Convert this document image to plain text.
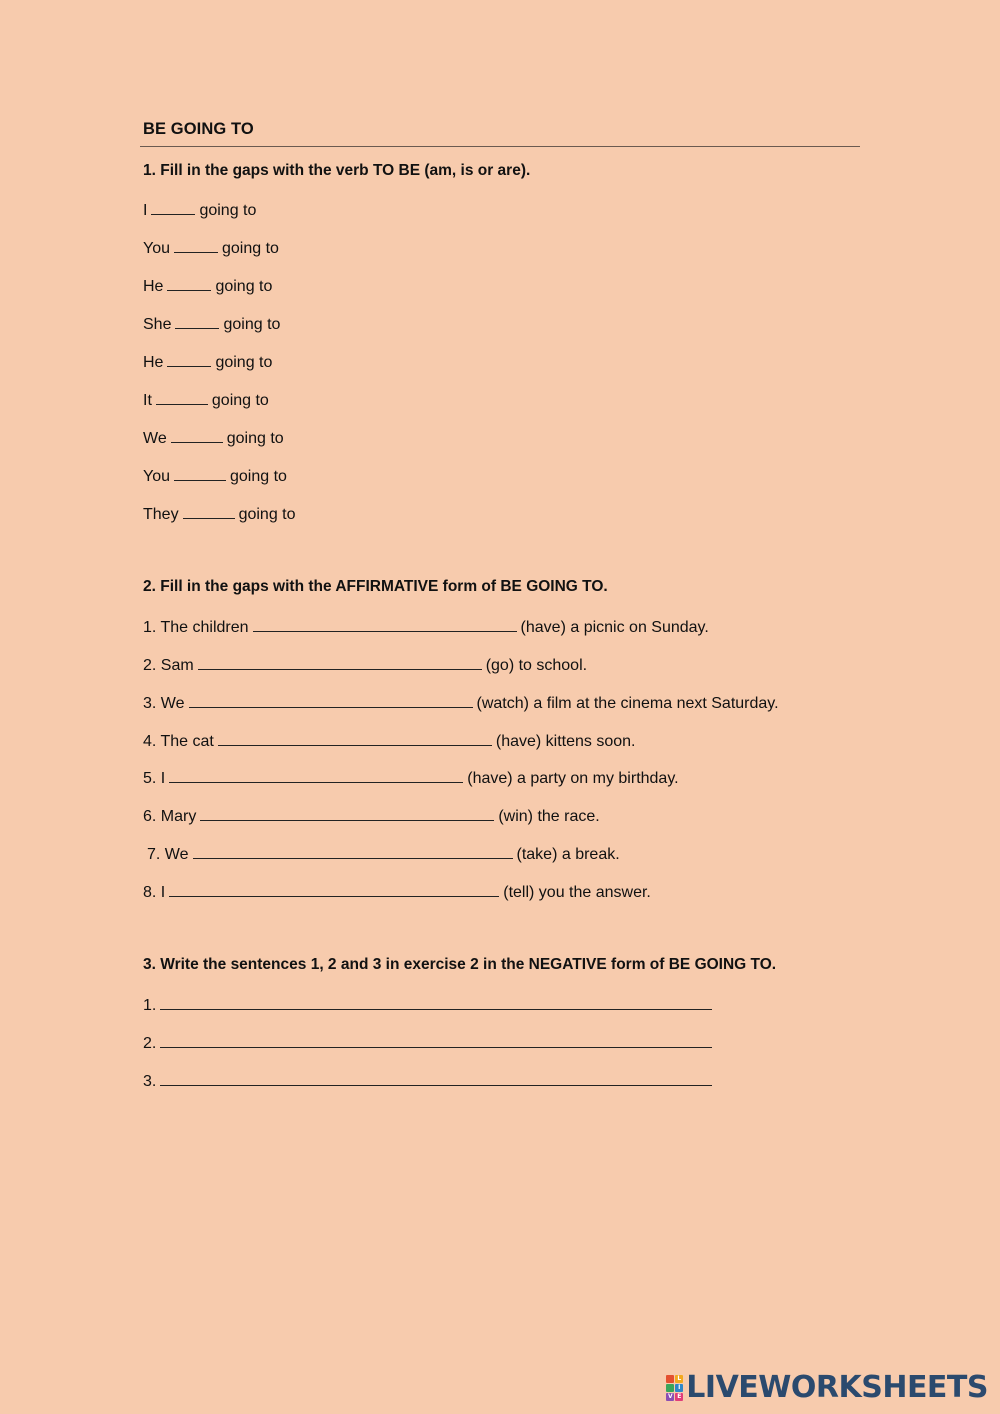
BE GOING TO
1. Fill in the gaps with the verb TO BE (am, is or are).
I	going to
You	going to
He	going to
She	going to
He	going to
It	going to
We	going to
You	going to
They	going to
2. Fill in the gaps with the AFFIRMATIVE form of BE GOING TO.
1. The children	(have) a picnic on Sunday.
2. Sam	(go) to school.
3. We	(watch) a film at the cinema next Saturday.
4. The cat	(have) kittens soon.
5. I	(have) a party on my birthday.
6. Mary	(win) the race.
7. We	(take) a break.
8. I	(tell) you the answer.
3. Write the sentences 1, 2 and 3 in exercise 2 in the NEGATIVE form of BE GOING TO.
1.
2.
3.
L
I
V E LIVEWORKSHEETS
